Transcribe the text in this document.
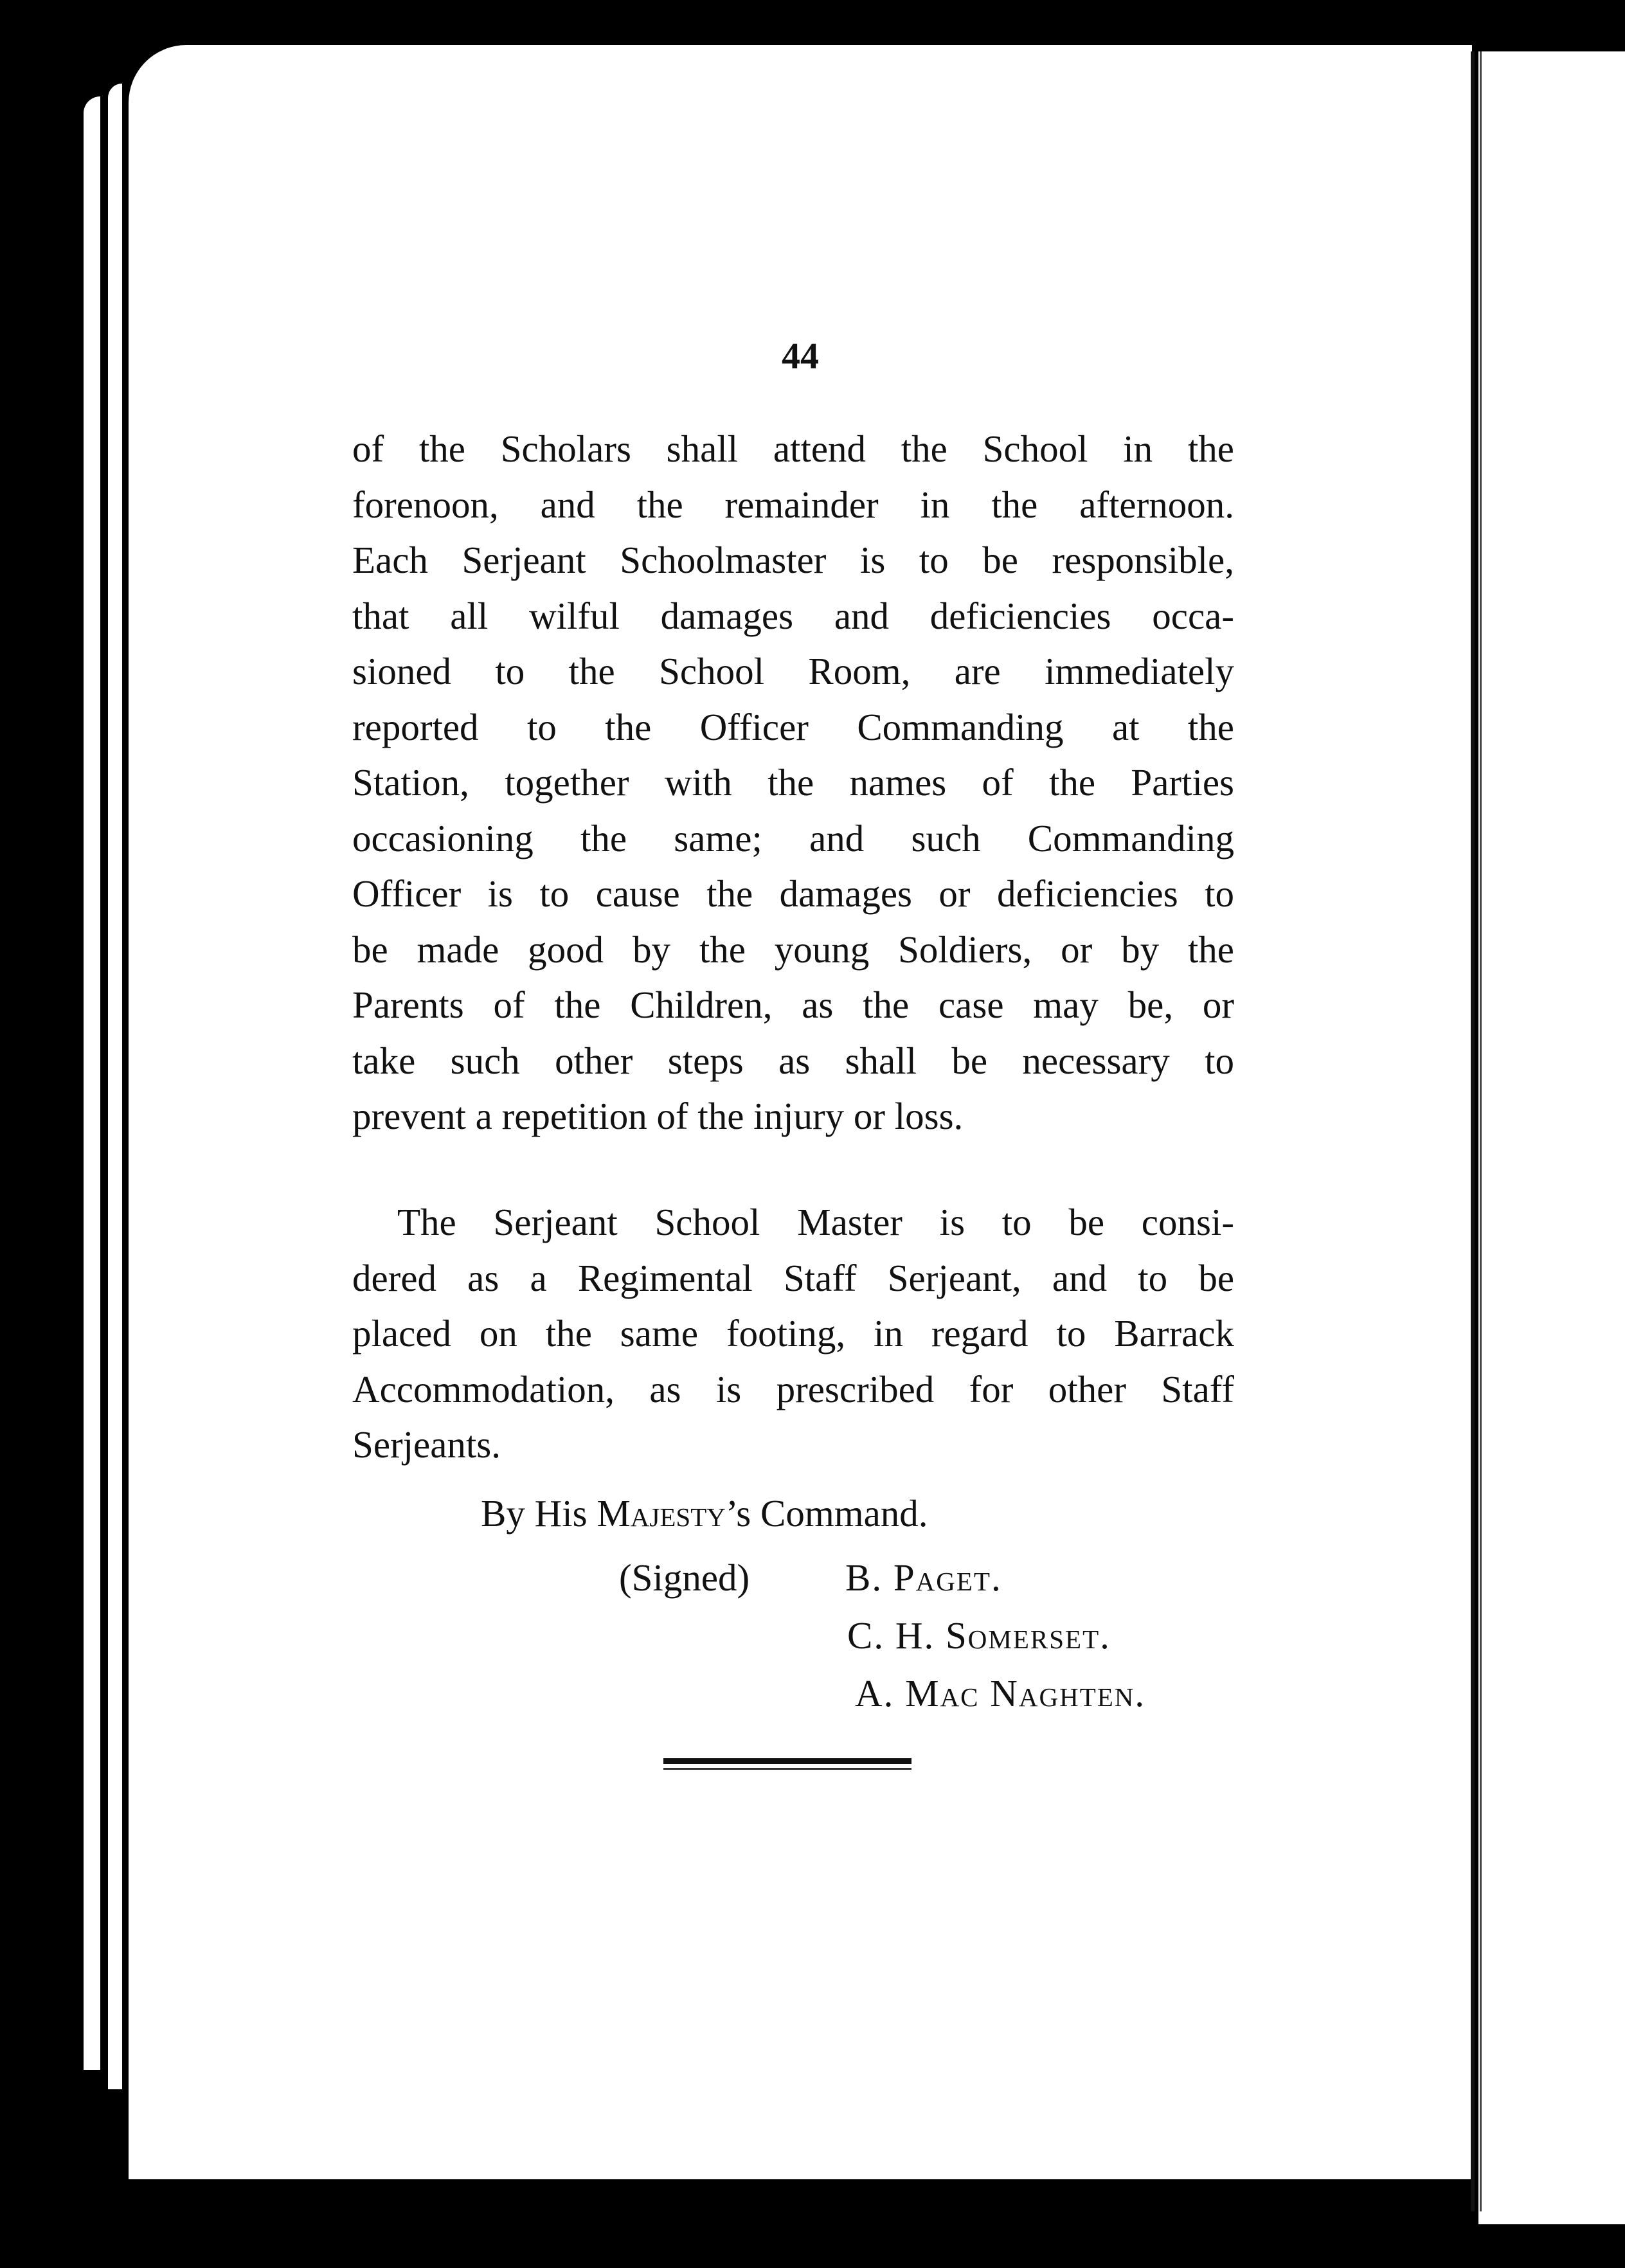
44
of the Scholars shall attend the School in the
forenoon, and the remainder in the afternoon.
Each Serjeant Schoolmaster is to be responsible,
that all wilful damages and deficiencies occa-
sioned to the School Room, are immediately
reported to the Officer Commanding at the
Station, together with the names of the Parties
occasioning the same; and such Commanding
Officer is to cause the damages or deficiencies to
be made good by the young Soldiers, or by the
Parents of the Children, as the case may be, or
take such other steps as shall be necessary to
prevent a repetition of the injury or loss.
The Serjeant School Master is to be consi-
dered as a Regimental Staff Serjeant, and to be
placed on the same footing, in regard to Barrack
Accommodation, as is prescribed for other Staff
Serjeants.
By His Majesty’s Command.
(Signed)	B. Paget.
C. H. Somerset.
A. Mac Naghten.
